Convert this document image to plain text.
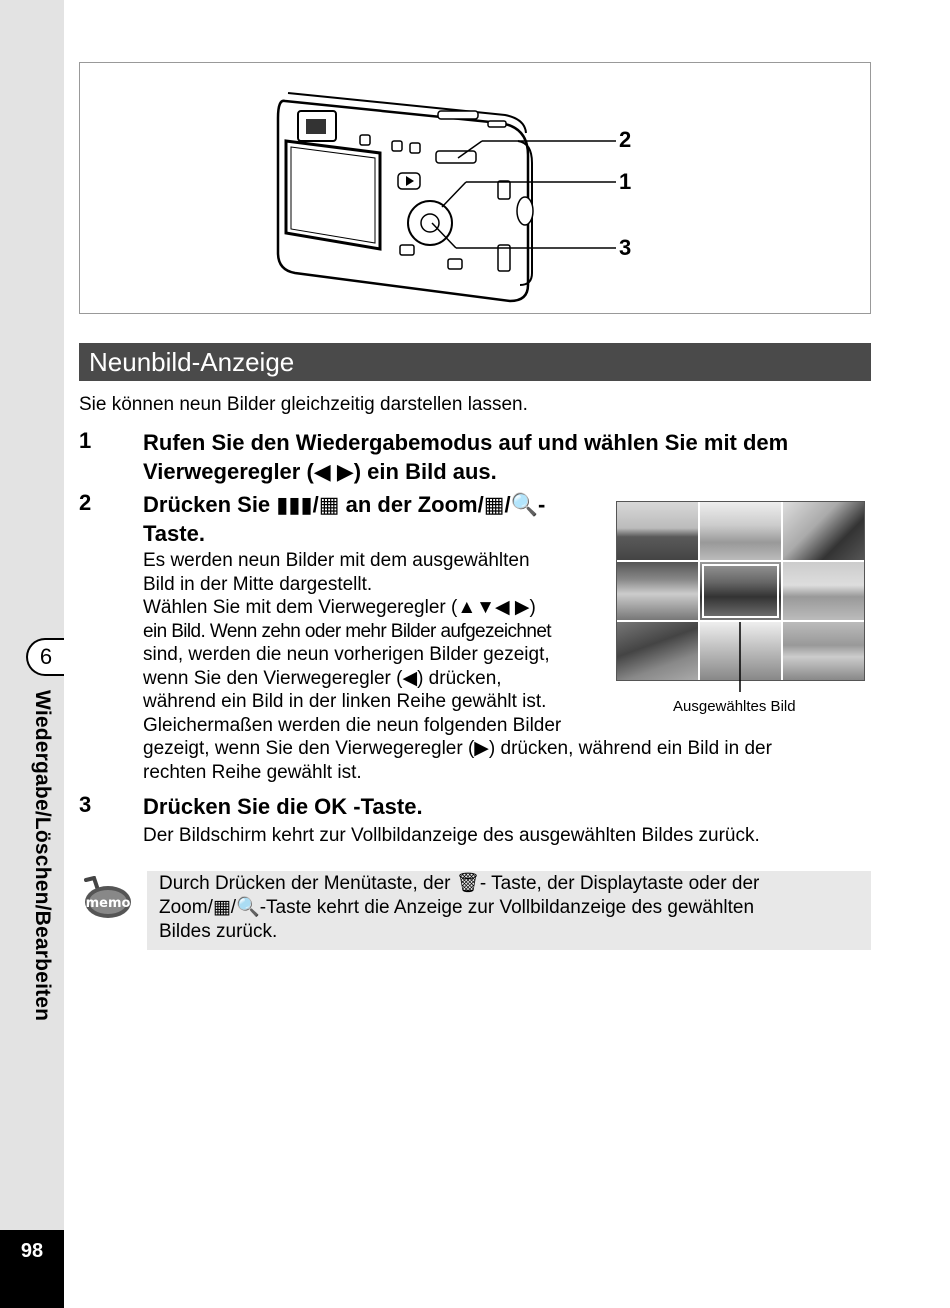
6
Wiedergabe/Löschen/Bearbeiten
98
2
1
3
Neunbild-Anzeige
Sie können neun Bilder gleichzeitig darstellen lassen.
1 Rufen Sie den Wiedergabemodus auf und wählen Sie mit dem
Vierwegeregler (◀ ▶) ein Bild aus.
2 Drücken Sie ▮▮▮/▦ an der Zoom/▦/🔍-
Taste.
Es werden neun Bilder mit dem ausgewählten
Bild in der Mitte dargestellt.
Wählen Sie mit dem Vierwegeregler (▲▼◀ ▶)
ein Bild. Wenn zehn oder mehr Bilder aufgezeichnet
sind, werden die neun vorherigen Bilder gezeigt,
wenn Sie den Vierwegeregler (◀) drücken,
während ein Bild in der linken Reihe gewählt ist.
Gleichermaßen werden die neun folgenden Bilder
gezeigt, wenn Sie den Vierwegeregler (▶) drücken, während ein Bild in der
rechten Reihe gewählt ist.
Ausgewähltes Bild
3 Drücken Sie die OK -Taste.
Der Bildschirm kehrt zur Vollbildanzeige des ausgewählten Bildes zurück.
memo
Durch Drücken der Menütaste, der 🗑- Taste, der Displaytaste oder der
Zoom/▦/🔍-Taste kehrt die Anzeige zur Vollbildanzeige des gewählten
Bildes zurück.
